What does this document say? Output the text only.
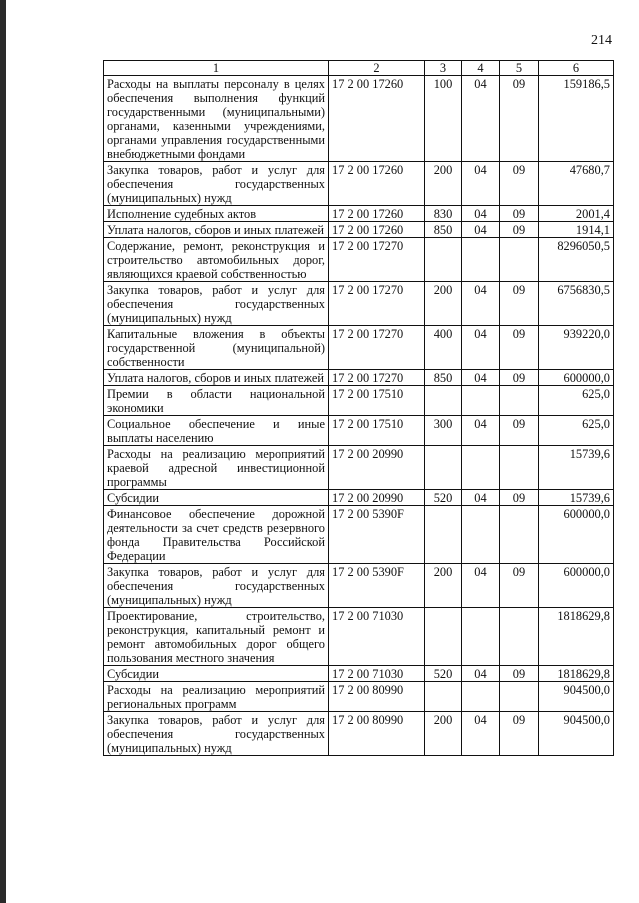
214
1	2	3	4	5	6
Расходы на выплаты персоналу в целях обеспечения выполнения функций государственными (муниципальными) органами, казенными учреждениями, органами управления государственными внебюджетными фондами	17 2 00 17260	100	04	09	159186,5
Закупка товаров, работ и услуг для обеспечения государственных (муниципальных) нужд	17 2 00 17260	200	04	09	47680,7
Исполнение судебных актов	17 2 00 17260	830	04	09	2001,4
Уплата налогов, сборов и иных платежей	17 2 00 17260	850	04	09	1914,1
Содержание, ремонт, реконструкция и строительство автомобильных дорог, являющихся краевой собственностью	17 2 00 17270				8296050,5
Закупка товаров, работ и услуг для обеспечения государственных (муниципальных) нужд	17 2 00 17270	200	04	09	6756830,5
Капитальные вложения в объекты государственной (муниципальной) собственности	17 2 00 17270	400	04	09	939220,0
Уплата налогов, сборов и иных платежей	17 2 00 17270	850	04	09	600000,0
Премии в области национальной экономики	17 2 00 17510				625,0
Социальное обеспечение и иные выплаты населению	17 2 00 17510	300	04	09	625,0
Расходы на реализацию мероприятий краевой адресной инвестиционной программы	17 2 00 20990				15739,6
Субсидии	17 2 00 20990	520	04	09	15739,6
Финансовое обеспечение дорожной деятельности за счет средств резервного фонда Правительства Российской Федерации	17 2 00 5390F				600000,0
Закупка товаров, работ и услуг для обеспечения государственных (муниципальных) нужд	17 2 00 5390F	200	04	09	600000,0
Проектирование, строительство, реконструкция, капитальный ремонт и ремонт автомобильных дорог общего пользования местного значения	17 2 00 71030				1818629,8
Субсидии	17 2 00 71030	520	04	09	1818629,8
Расходы на реализацию мероприятий региональных программ	17 2 00 80990				904500,0
Закупка товаров, работ и услуг для обеспечения государственных (муниципальных) нужд	17 2 00 80990	200	04	09	904500,0
